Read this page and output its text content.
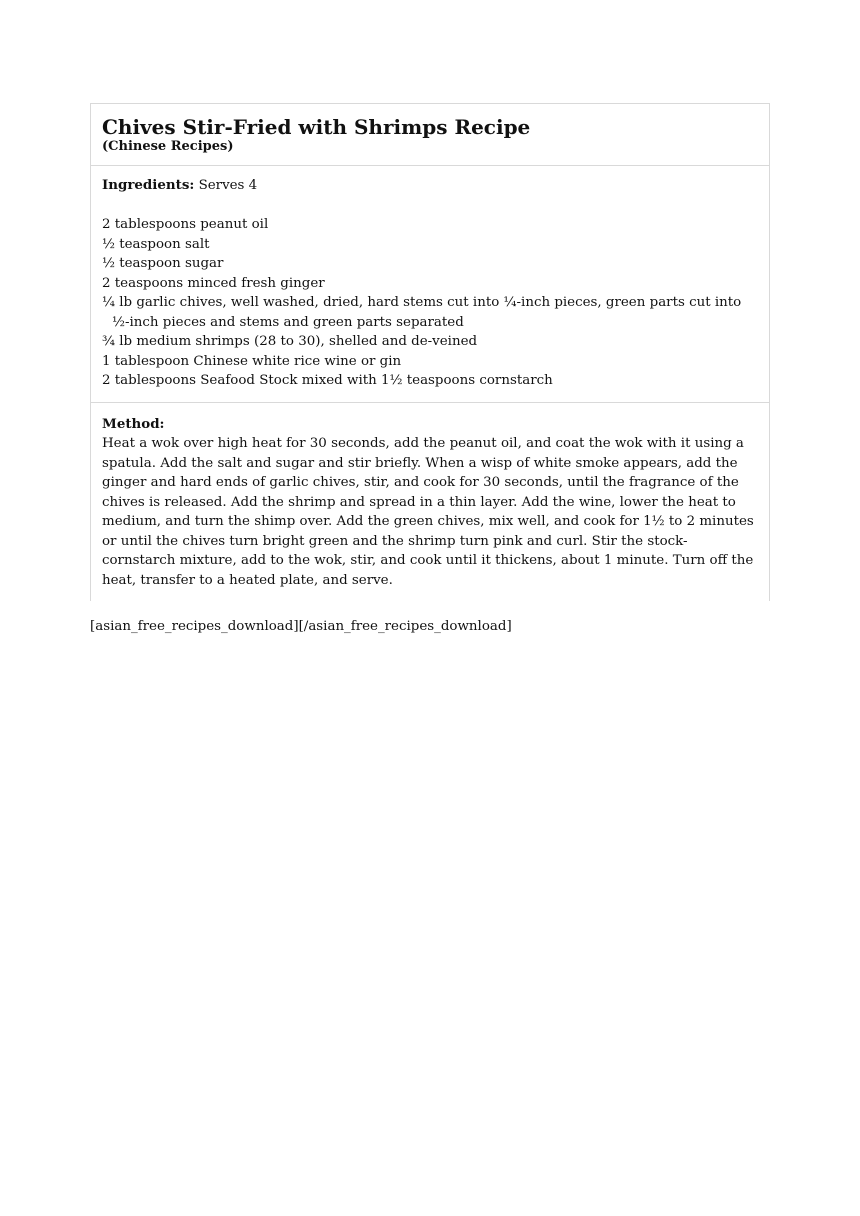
Chives Stir-Fried with Shrimps Recipe
(Chinese Recipes)

Ingredients: Serves 4

2 tablespoons peanut oil
½ teaspoon salt
½ teaspoon sugar
2 teaspoons minced fresh ginger
¼ lb garlic chives, well washed, dried, hard stems cut into ¼-inch pieces, green parts cut into ½-inch pieces and stems and green parts separated
¾ lb medium shrimps (28 to 30), shelled and de-veined
1 tablespoon Chinese white rice wine or gin
2 tablespoons Seafood Stock mixed with 1½ teaspoons cornstarch

Method:

Heat a wok over high heat for 30 seconds, add the peanut oil, and coat the wok with it using a spatula. Add the salt and sugar and stir briefly. When a wisp of white smoke appears, add the ginger and hard ends of garlic chives, stir, and cook for 30 seconds, until the fragrance of the chives is released. Add the shrimp and spread in a thin layer. Add the wine, lower the heat to medium, and turn the shimp over. Add the green chives, mix well, and cook for 1½ to 2 minutes or until the chives turn bright green and the shrimp turn pink and curl. Stir the stock-cornstarch mixture, add to the wok, stir, and cook until it thickens, about 1 minute. Turn off the heat, transfer to a heated plate, and serve.

[asian_free_recipes_download][/asian_free_recipes_download]
